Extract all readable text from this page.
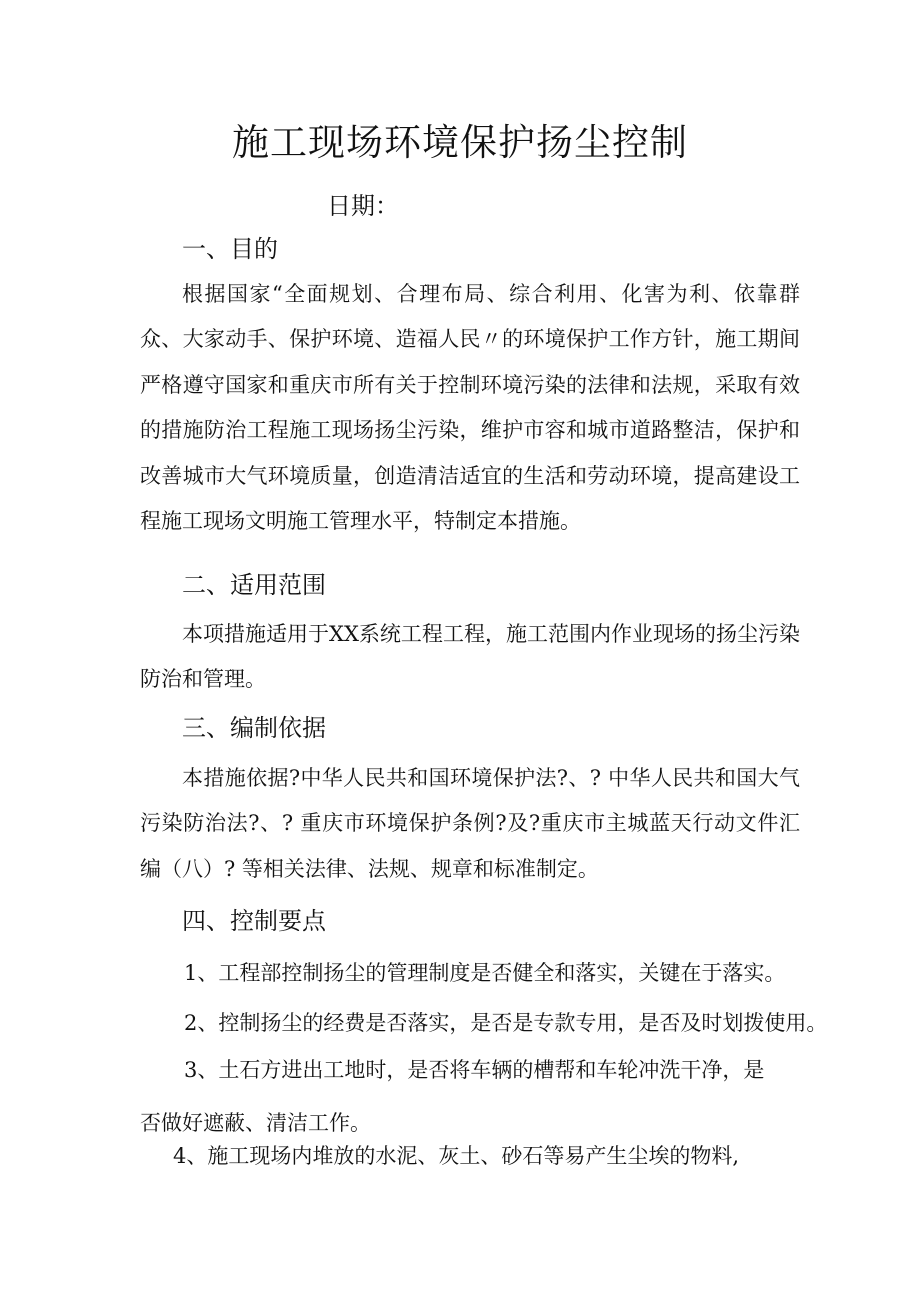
施工现场环境保护扬尘控制

日期：

一、目的

根据国家“全面规划、合理布局、综合利用、化害为利、依靠群众、大家动手、保护环境、造福人民〃的环境保护工作方针，施工期间严格遵守国家和重庆市所有关于控制环境污染的法律和法规，采取有效的措施防治工程施工现场扬尘污染，维护市容和城市道路整洁，保护和改善城市大气环境质量，创造清洁适宜的生活和劳动环境，提高建设工程施工现场文明施工管理水平，特制定本措施。

二、适用范围

本项措施适用于XX系统工程工程，施工范围内作业现场的扬尘污染防治和管理。

三、编制依据

本措施依据?中华人民共和国环境保护法?、? 中华人民共和国大气污染防治法?、? 重庆市环境保护条例?及?重庆市主城蓝天行动文件汇编（八）? 等相关法律、法规、规章和标准制定。

四、控制要点

1、工程部控制扬尘的管理制度是否健全和落实，关键在于落实。

2、控制扬尘的经费是否落实，是否是专款专用，是否及时划拨使用。

3、土石方进出工地时，是否将车辆的槽帮和车轮冲洗干净，是

否做好遮蔽、清洁工作。

4、施工现场内堆放的水泥、灰土、砂石等易产生尘埃的物料,
